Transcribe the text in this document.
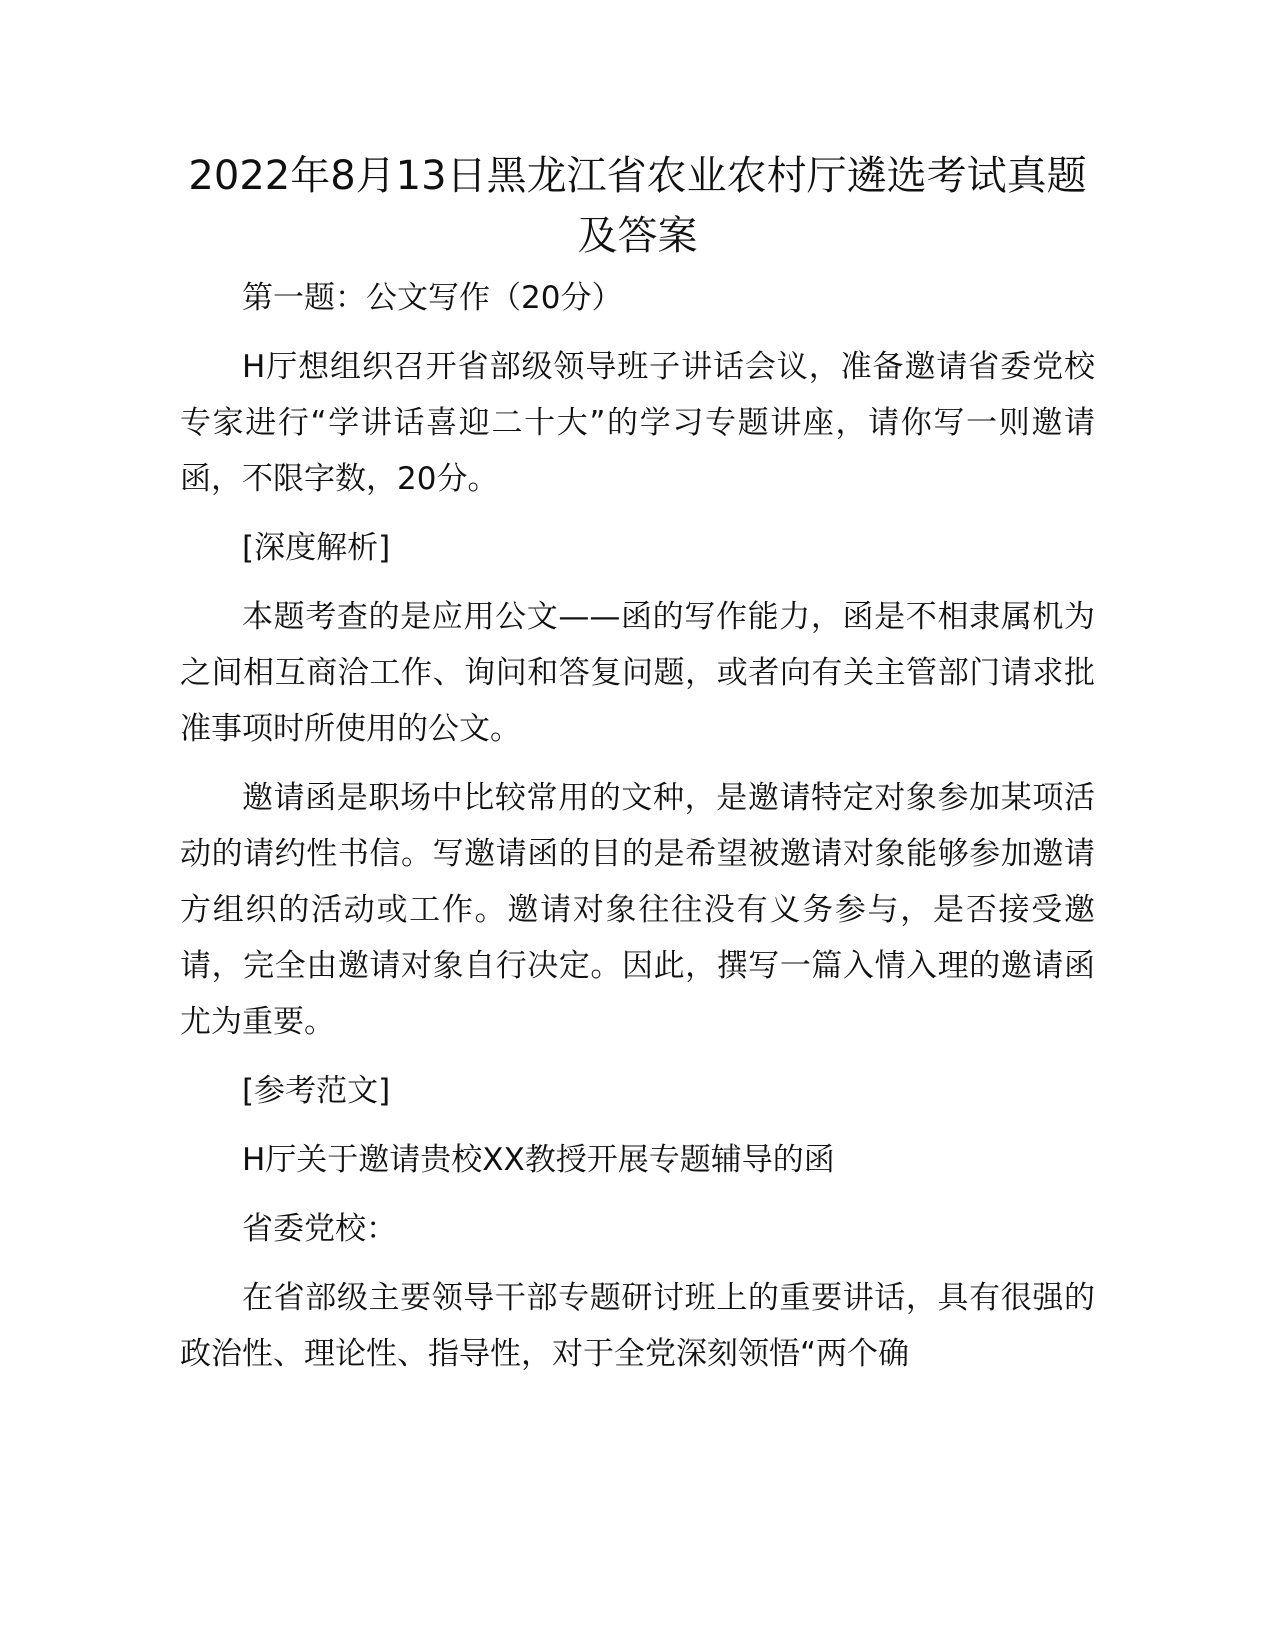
2022年8月13日黑龙江省农业农村厅遴选考试真题及答案

第一题：公文写作（20分）

H厅想组织召开省部级领导班子讲话会议，准备邀请省委党校专家进行“学讲话喜迎二十大”的学习专题讲座，请你写一则邀请函，不限字数，20分。

[深度解析]

本题考查的是应用公文——函的写作能力，函是不相隶属机为之间相互商洽工作、询问和答复问题，或者向有关主管部门请求批准事项时所使用的公文。

邀请函是职场中比较常用的文种，是邀请特定对象参加某项活动的请约性书信。写邀请函的目的是希望被邀请对象能够参加邀请方组织的活动或工作。邀请对象往往没有义务参与，是否接受邀请，完全由邀请对象自行决定。因此，撰写一篇入情入理的邀请函尤为重要。

[参考范文]

H厅关于邀请贵校XX教授开展专题辅导的函

省委党校：

在省部级主要领导干部专题研讨班上的重要讲话，具有很强的政治性、理论性、指导性，对于全党深刻领悟“两个确
